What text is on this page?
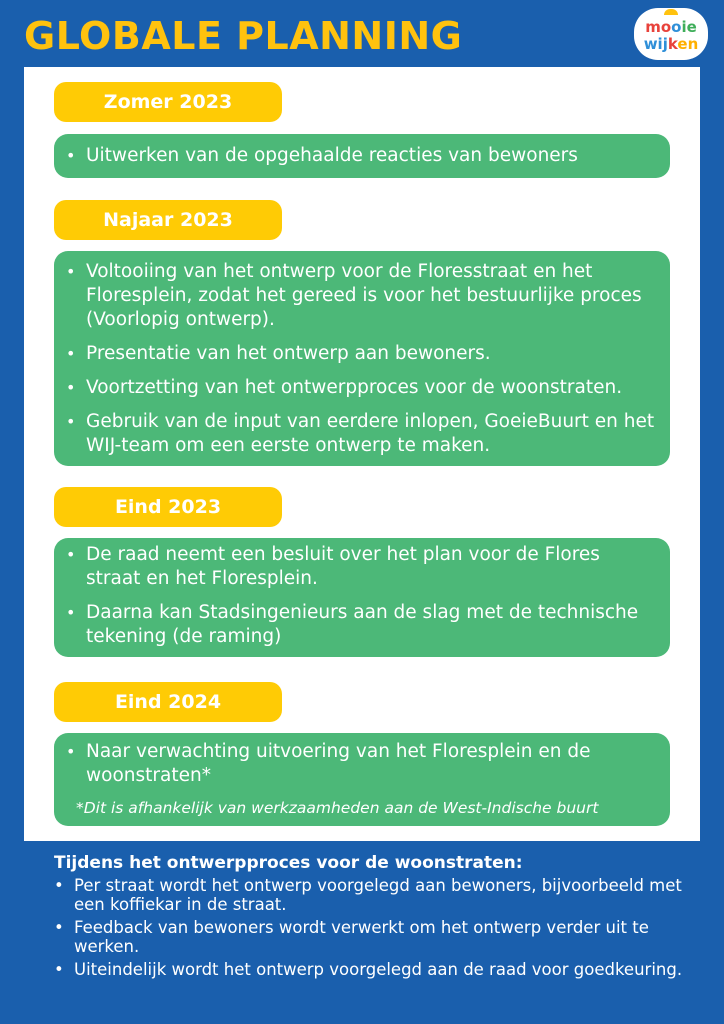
GLOBALE PLANNING	mooie
wijken
Zomer 2023
• Uitwerken van de opgehaalde reacties van bewoners
Najaar 2023
• Voltooiing van het ontwerp voor de Floresstraat en het Floresplein, zodat het gereed is voor het bestuurlijke proces (Voorlopig ontwerp).
• Presentatie van het ontwerp aan bewoners.
• Voortzetting van het ontwerpproces voor de woonstraten.
• Gebruik van de input van eerdere inlopen, GoeieBuurt en het WIJ-team om een eerste ontwerp te maken.
Eind 2023
• De raad neemt een besluit over het plan voor de Flores straat en het Floresplein.
• Daarna kan Stadsingenieurs aan de slag met de technische tekening (de raming)
Eind 2024
• Naar verwachting uitvoering van het Floresplein en de woonstraten*
*Dit is afhankelijk van werkzaamheden aan de West-Indische buurt

Tijdens het ontwerpproces voor de woonstraten:

• Per straat wordt het ontwerp voorgelegd aan bewoners, bijvoorbeeld met een koffiekar in de straat.
• Feedback van bewoners wordt verwerkt om het ontwerp verder uit te werken.
• Uiteindelijk wordt het ontwerp voorgelegd aan de raad voor goedkeuring.
